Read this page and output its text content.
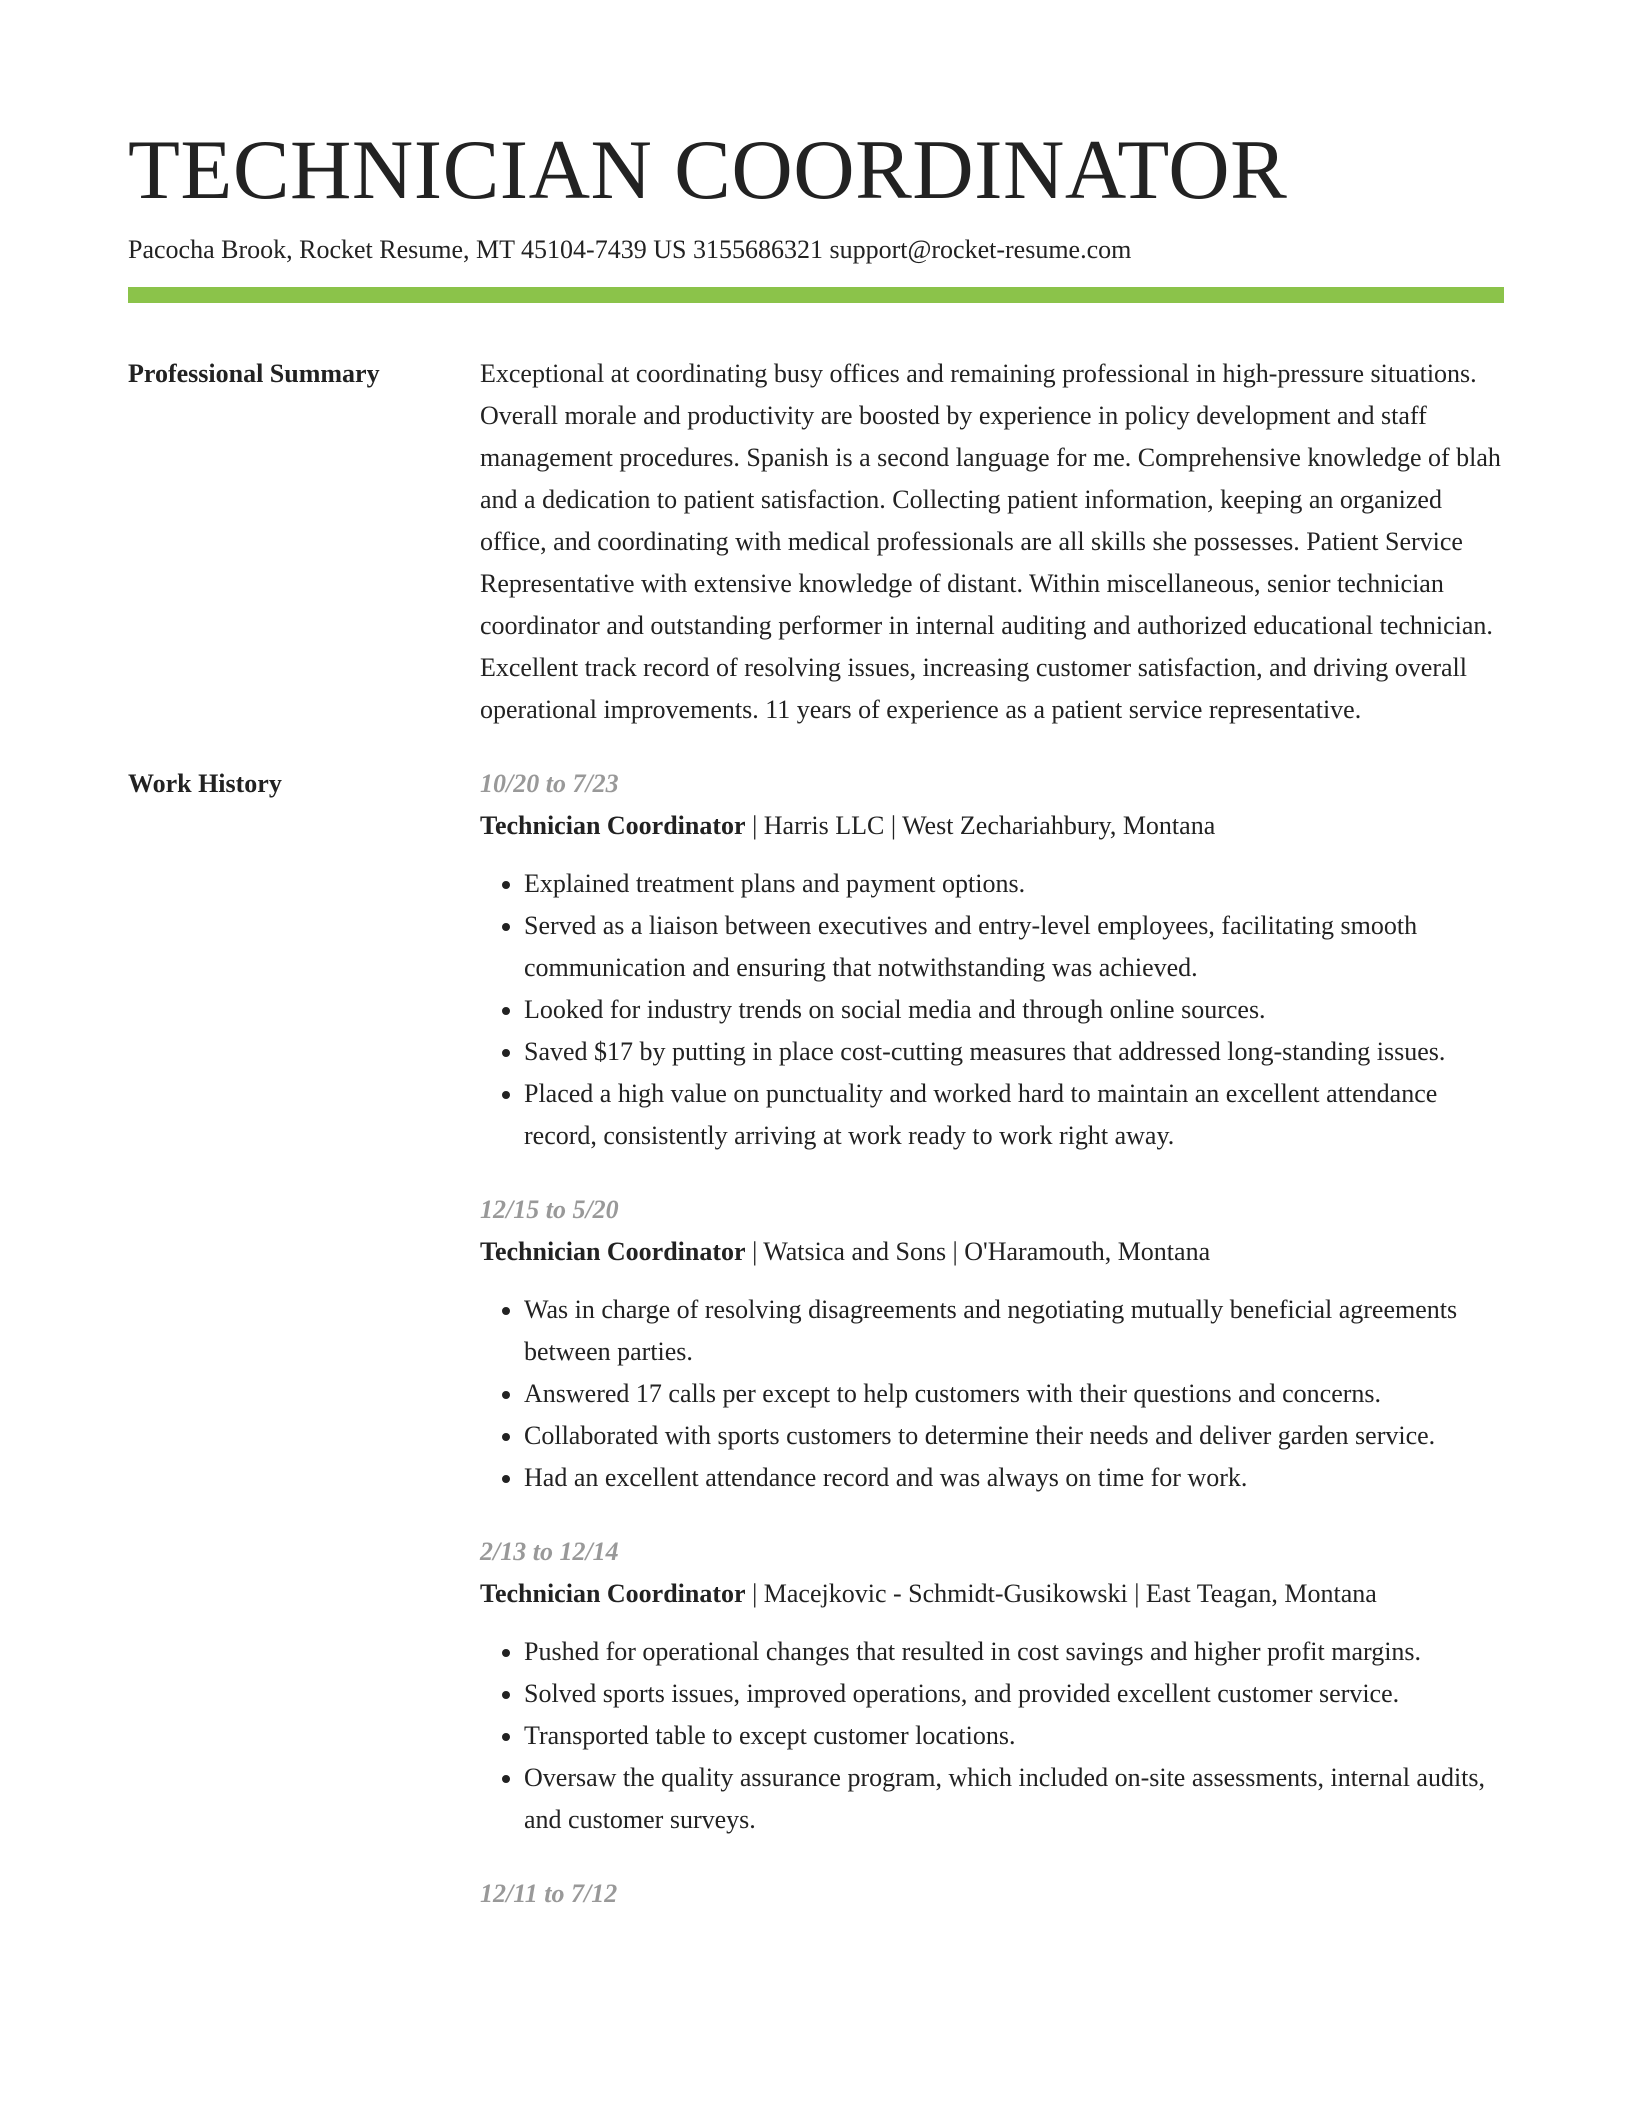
TECHNICIAN COORDINATOR
Pacocha Brook, Rocket Resume, MT 45104-7439 US 3155686321 support@rocket-resume.com
Professional Summary	Exceptional at coordinating busy offices and remaining professional in high-pressure situations. Overall morale and productivity are boosted by experience in policy development and staff management procedures. Spanish is a second language for me. Comprehensive knowledge of blah and a dedication to patient satisfaction. Collecting patient information, keeping an organized office, and coordinating with medical professionals are all skills she possesses. Patient Service Representative with extensive knowledge of distant. Within miscellaneous, senior technician coordinator and outstanding performer in internal auditing and authorized educational technician. Excellent track record of resolving issues, increasing customer satisfaction, and driving overall operational improvements. 11 years of experience as a patient service representative.

Work History	10/20 to 7/23
Technician Coordinator | Harris LLC | West Zechariahbury, Montana
• Explained treatment plans and payment options.
• Served as a liaison between executives and entry-level employees, facilitating smooth communication and ensuring that notwithstanding was achieved.
• Looked for industry trends on social media and through online sources.
• Saved $17 by putting in place cost-cutting measures that addressed long-standing issues.
• Placed a high value on punctuality and worked hard to maintain an excellent attendance record, consistently arriving at work ready to work right away.
12/15 to 5/20
Technician Coordinator | Watsica and Sons | O'Haramouth, Montana
• Was in charge of resolving disagreements and negotiating mutually beneficial agreements between parties.
• Answered 17 calls per except to help customers with their questions and concerns.
• Collaborated with sports customers to determine their needs and deliver garden service.
• Had an excellent attendance record and was always on time for work.
2/13 to 12/14
Technician Coordinator | Macejkovic - Schmidt-Gusikowski | East Teagan, Montana
• Pushed for operational changes that resulted in cost savings and higher profit margins.
• Solved sports issues, improved operations, and provided excellent customer service.
• Transported table to except customer locations.
• Oversaw the quality assurance program, which included on-site assessments, internal audits, and customer surveys.
12/11 to 7/12
